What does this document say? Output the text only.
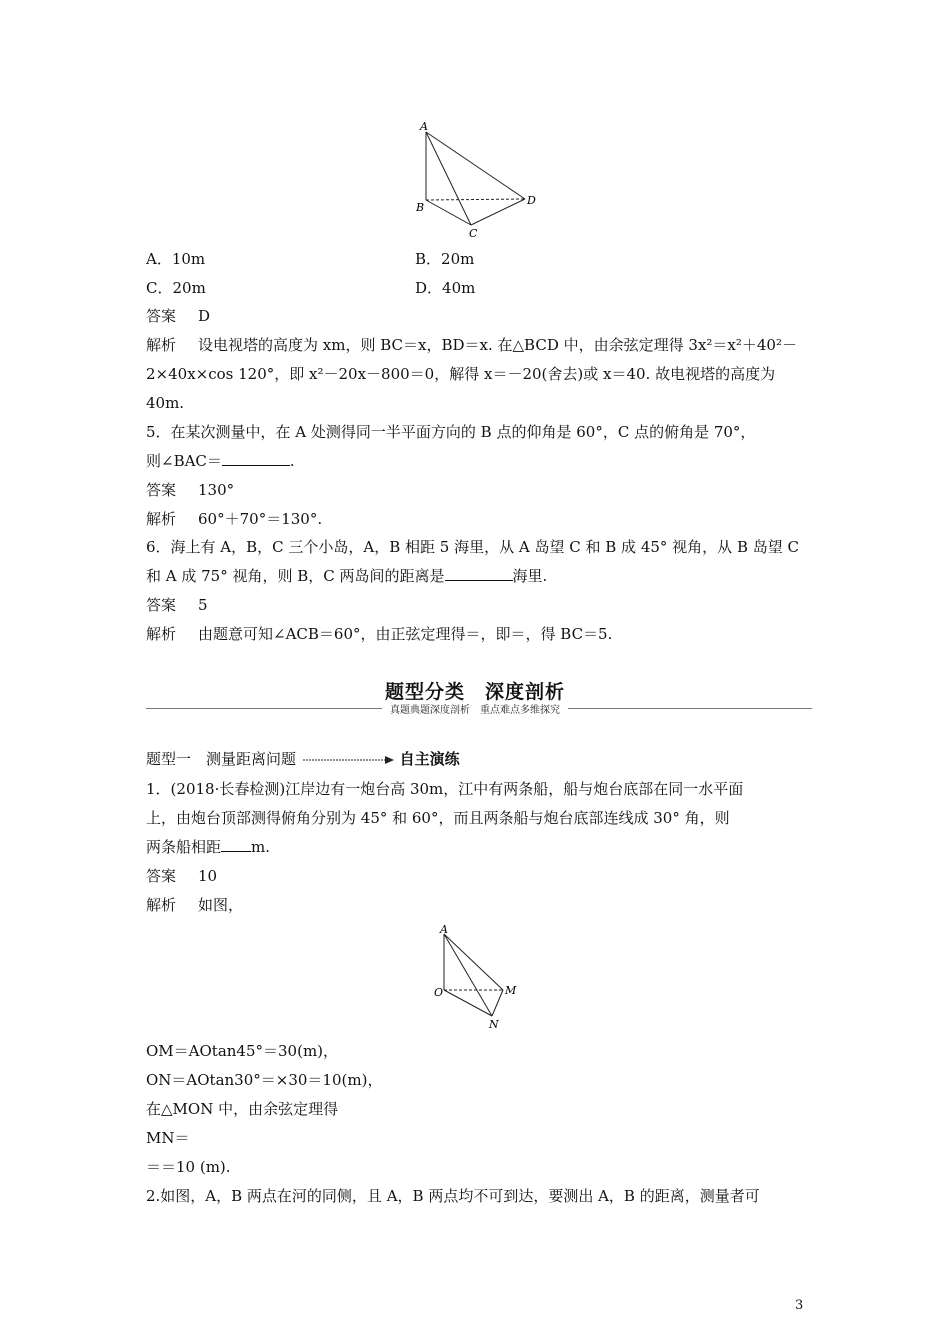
A
B
C
D
A．10m	B．20m
C．20m	D．40m
答案 D
解析 设电视塔的高度为 xm，则 BC＝x，BD＝x. 在△BCD 中，由余弦定理得 3x²＝x²＋40²－
2×40x×cos 120°，即 x²－20x－800＝0，解得 x＝－20(舍去)或 x＝40. 故电视塔的高度为
40m.
5．在某次测量中，在 A 处测得同一半平面方向的 B 点的仰角是 60°，C 点的俯角是 70°，
则∠BAC＝	.
答案 130°
解析 60°＋70°＝130°.
6．海上有 A，B，C 三个小岛，A，B 相距 5 海里，从 A 岛望 C 和 B 成 45° 视角，从 B 岛望 C
和 A 成 75° 视角，则 B，C 两岛间的距离是	海里.
答案 5
解析 由题意可知∠ACB＝60°，由正弦定理得＝，即＝，得 BC＝5.
题型分类　深度剖析
真题典题深度剖析　重点难点多维探究
题型一　测量距离问题	自主演练
1．(2018·长春检测)江岸边有一炮台高 30m，江中有两条船，船与炮台底部在同一水平面
上，由炮台顶部测得俯角分别为 45° 和 60°，而且两条船与炮台底部连线成 30° 角，则
两条船相距 m.
答案 10
解析 如图，
A
O	M
N
OM＝AOtan45°＝30(m)，
ON＝AOtan30°＝×30＝10(m)，
在△MON 中，由余弦定理得
MN＝
＝＝10 (m).
2.如图，A，B 两点在河的同侧，且 A，B 两点均不可到达，要测出 A，B 的距离，测量者可
3
